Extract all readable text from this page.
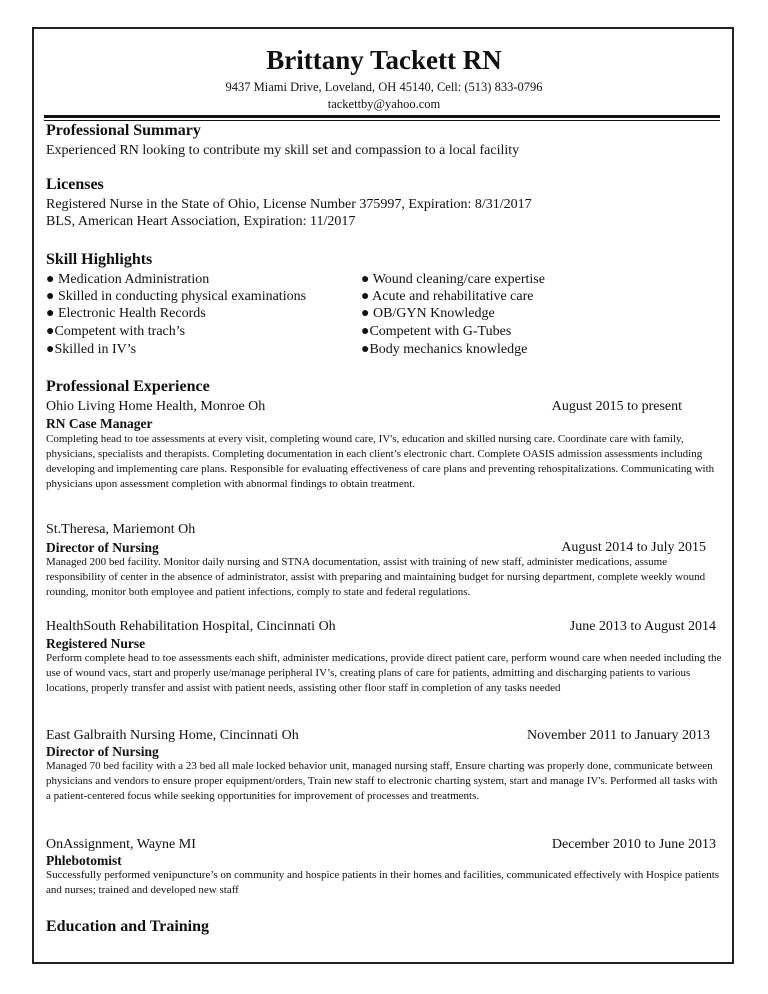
Brittany Tackett RN
9437 Miami Drive, Loveland, OH 45140, Cell: (513) 833-0796
tackettby@yahoo.com
Professional Summary
Experienced RN looking to contribute my skill set and compassion to a local facility
Licenses
Registered Nurse in the State of Ohio, License Number 375997, Expiration: 8/31/2017
BLS, American Heart Association, Expiration: 11/2017
Skill Highlights
● Medication Administration
● Skilled in conducting physical examinations
● Electronic Health Records
●Competent with trach’s
●Skilled in IV’s
● Wound cleaning/care expertise
● Acute and rehabilitative care
● OB/GYN Knowledge
●Competent with G-Tubes
●Body mechanics knowledge
Professional Experience
Ohio Living Home Health, Monroe Oh	August 2015 to present
RN Case Manager

Completing head to toe assessments at every visit, completing wound care, IV's, education and skilled nursing care. Coordinate care with family, physicians, specialists and therapists. Completing documentation in each client’s electronic chart. Complete OASIS admission assessments including developing and implementing care plans. Responsible for evaluating effectiveness of care plans and preventing rehospitalizations. Communicating with physicians upon assessment completion with abnormal findings to obtain treatment.

St.Theresa, Mariemont Oh
August 2014 to July 2015
Director of Nursing

Managed 200 bed facility. Monitor daily nursing and STNA documentation, assist with training of new staff, administer medications, assume responsibility of center in the absence of administrator, assist with preparing and maintaining budget for nursing department, complete weekly wound rounding, monitor both employee and patient infections, comply to state and federal regulations.

HealthSouth Rehabilitation Hospital, Cincinnati Oh	June 2013 to August 2014
Registered Nurse

Perform complete head to toe assessments each shift, administer medications, provide direct patient care, perform wound care when needed including the use of wound vacs, start and properly use/manage peripheral IV’s, creating plans of care for patients, admitting and discharging patients to various locations, properly transfer and assist with patient needs, assisting other floor staff in completion of any tasks needed

East Galbraith Nursing Home, Cincinnati Oh	November 2011 to January 2013
Director of Nursing

Managed 70 bed facility with a 23 bed all male locked behavior unit, managed nursing staff, Ensure charting was properly done, communicate between physicians and vendors to ensure proper equipment/orders, Train new staff to electronic charting system, start and manage IV's. Performed all tasks with a patient-centered focus while seeking opportunities for improvement of processes and treatments.

OnAssignment, Wayne MI	December 2010 to June 2013
Phlebotomist

Successfully performed venipuncture’s on community and hospice patients in their homes and facilities, communicated effectively with Hospice patients and nurses; trained and developed new staff

Education and Training
